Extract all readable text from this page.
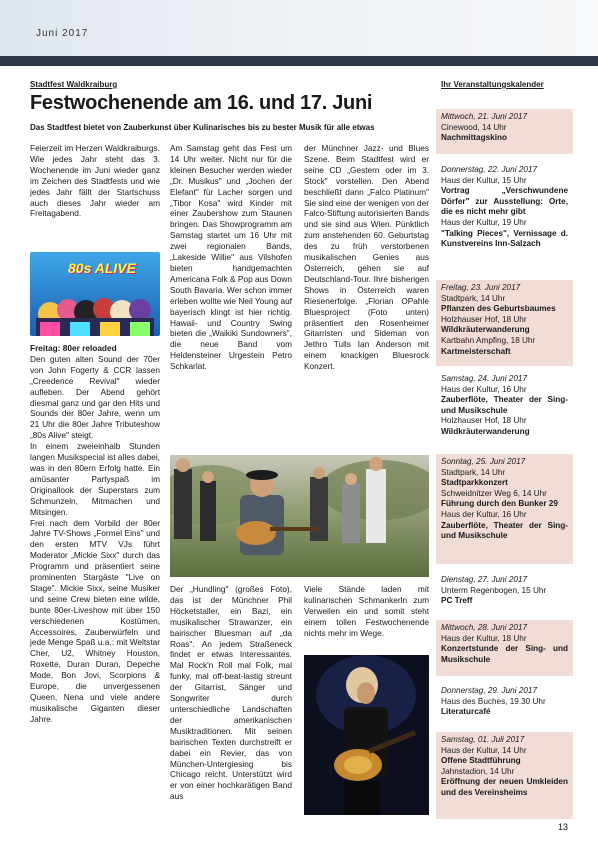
Juni 2017
Stadtfest Waldkraiburg
Festwochenende am 16. und 17. Juni
Das Stadtfest bietet von Zauberkunst über Kulinarisches bis zu bester Musik für alle etwas

Feierzeit im Herzen Waldkraiburgs. Wie jedes Jahr steht das 3. Wochenende im Juni wieder ganz im Zeichen des Stadtfests und wie jedes Jahr fällt der Startschuss auch dieses Jahr wieder am Freitagabend.

80s ALIVE

Freitag: 80er reloaded

Den guten alten Sound der 70er von John Fogerty & CCR lassen „Creedence Revival" wieder aufleben. Der Abend gehört diesmal ganz und gar den Hits und Sounds der 80er Jahre, wenn um 21 Uhr die 80er Jahre Tributeshow „80s Alive" steigt.

In einem zweieinhalb Stunden langen Musikspecial ist alles dabei, was in den 80ern Erfolg hatte. Ein amüsanter Partyspaß im Originallook der Superstars zum Schmunzeln, Mitmachen und Mitsingen.

Frei nach dem Vorbild der 80er Jahre TV-Shows „Formel Eins" und den ersten MTV VJs führt Moderator „Mickie Sixx" durch das Programm und präsentiert seine prominenten Stargäste "Live on Stage". Mickie Sixx, seine Musiker und seine Crew bieten eine wilde, bunte 80er-Liveshow mit über 150 verschiedenen Kostümen, Accessoires, Zauberwürfeln und jede Menge Spaß u.a.: mit Weltstar Cher, U2, Whitney Houston, Roxette, Duran Duran, Depeche Mode, Bon Jovi, Scorpions & Europe, die unvergessenen Queen, Nena und viele andere musikalische Giganten dieser Jahre.

Am Samstag geht das Fest um 14 Uhr weiter. Nicht nur für die kleinen Besucher werden wieder „Dr. Musikus" und „Jochen der Elefant" für Lacher sorgen und „Tibor Kosa" wird Kinder mit einer Zaubershow zum Staunen bringen. Das Showprogramm am Samstag startet um 16 Uhr mit zwei regionalen Bands, „Lakeside Willie" aus Vilshofen bieten handgemachten Americana Folk & Pop aus Down South Bavaria. Wer schon immer erleben wollte wie Neil Young auf bayerisch klingt ist hier richtig. Hawaii- und Country Swing bieten die „Waikiki Sundowners", die neue Band vom Heldensteiner Urgestein Petro Schkarlat.

der Münchner Jazz- und Blues Szene. Beim Stadtfest wird er seine CD „Gestern oder im 3. Stock" vorstellen. Den Abend beschließt dann „Falco Platinum" Sie sind eine der wenigen von der Falco-Stiftung autorisierten Bands und sie sind aus Wien. Pünktlich zum anstehenden 60. Geburtstag des zu früh verstorbenen musikalischen Genies aus Österreich, gehen sie auf Deutschland-Tour. Ihre bisherigen Shows in Österreich waren Riesenerfolge. „Florian OPahle Bluesproject (Foto unten) präsentiert den Rosenheimer Gitarristen und Sideman von Jethro Tulls Ian Anderson mit einem knackigen Bluesrock Konzert.

Der „Hundling" (großes Foto), das ist der Münchner Phil Höcketstaller, ein Bazi, ein musikalischer Strawanzer, ein bairischer Bluesman auf „da Roas". An jedem Straßeneck findet er etwas Interessantes. Mal Rock'n Roll mal Folk, mal funky, mal off-beat-lastig streunt der Gitarrist, Sänger und Songwriter durch unterschiedliche Landschaften der amerikanischen Musiktraditionen. Mit seinen bairischen Texten durchstreift er dabei ein Revier, das von München-Untergiesing bis Chicago reicht. Unterstützt wird er von einer hochkarätigen Band aus

Viele Stände laden mit kulinarischen Schmankerln zum Verweilen ein und somit steht einem tollen Festwochenende nichts mehr im Wege.

Ihr Veranstaltungskalender
Mittwoch, 21. Juni 2017
Cinewood, 14 Uhr
Nachmittagskino
Donnerstag, 22. Juni 2017
Haus der Kultur, 15 Uhr
Vortrag „Verschwundene Dörfer" zur Ausstellung: Orte, die es nicht mehr gibt
Haus der Kultur, 19 Uhr
"Talking Pieces", Vernissage d. Kunstvereins Inn-Salzach
Freitag, 23. Juni 2017
Stadtpark, 14 Uhr
Pflanzen des Geburtsbaumes
Holzhauser Hof, 18 Uhr
Wildkräuterwanderung
Kartbahn Ampfing, 18 Uhr
Kartmeisterschaft
Samstag, 24. Juni 2017
Haus der Kultur, 16 Uhr
Zauberflöte, Theater der Sing- und Musikschule
Holzhauser Hof, 18 Uhr
Wildkräuterwanderung
Sonntag, 25. Juni 2017
Stadtpark, 14 Uhr
Stadtparkkonzert
Schweidnitzer Weg 6, 14 Uhr
Führung durch den Bunker 29
Haus der Kultur, 16 Uhr
Zauberflöte, Theater der Sing- und Musikschule
Dienstag, 27. Juni 2017
Unterm Regenbogen, 15 Uhr
PC Treff
Mittwoch, 28. Juni 2017
Haus der Kultur, 18 Uhr
Konzertstunde der Sing- und Musikschule
Donnerstag, 29. Juni 2017
Haus des Buches, 19.30 Uhr
Literaturcafé
Samstag, 01. Juli 2017
Haus der Kultur, 14 Uhr
Offene Stadtführung
Jahnstadion, 14 Uhr
Eröffnung der neuen Umkleiden und des Vereinsheims
13
